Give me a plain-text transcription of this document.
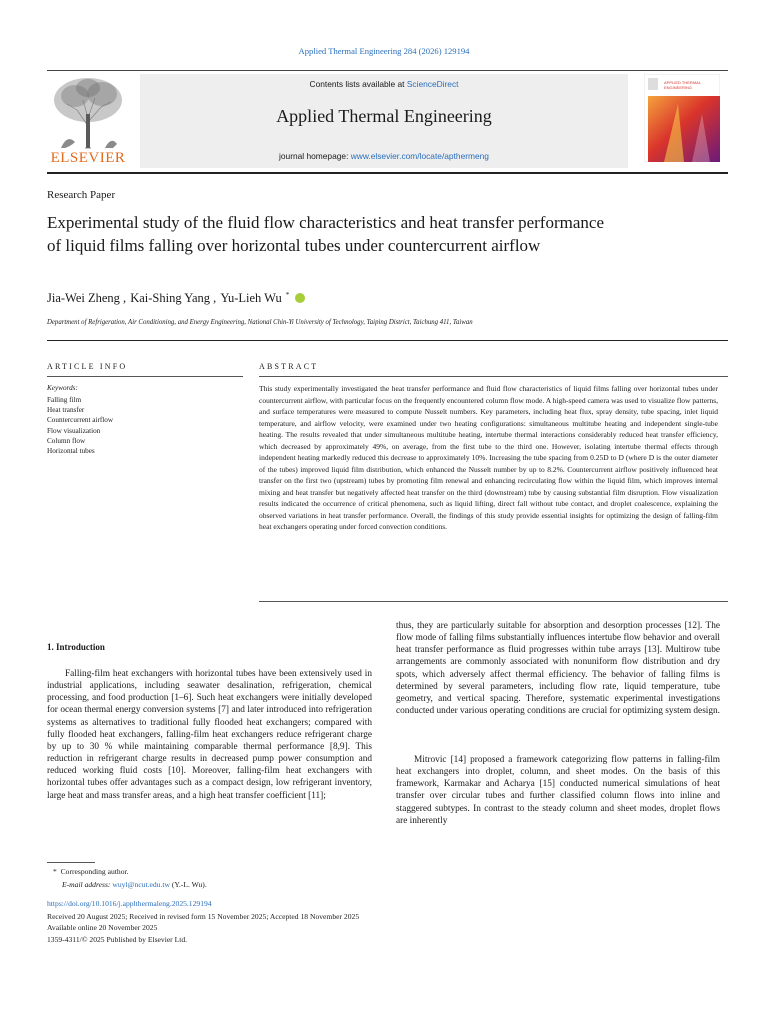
Applied Thermal Engineering 284 (2026) 129194
ELSEVIER
Contents lists available at ScienceDirect
Applied Thermal Engineering
journal homepage: www.elsevier.com/locate/apthermeng
APPLIED THERMAL ENGINEERING
Research Paper
Experimental study of the fluid flow characteristics and heat transfer performance of liquid films falling over horizontal tubes under countercurrent airflow
Jia-Wei Zheng , Kai-Shing Yang , Yu-Lieh Wu *
Department of Refrigeration, Air Conditioning, and Energy Engineering, National Chin-Yi University of Technology, Taiping District, Taichung 411, Taiwan
ARTICLE INFO	ABSTRACT
Keywords:
Falling film
Heat transfer
Countercurrent airflow
Flow visualization
Column flow
Horizontal tubes

This study experimentally investigated the heat transfer performance and fluid flow characteristics of liquid films falling over horizontal tubes under countercurrent airflow, with particular focus on the frequently encountered column flow mode. A high-speed camera was used to visualize flow patterns, and surface temperatures were measured to compute Nusselt numbers. Key parameters, including heat flux, spray density, tube spacing, inlet liquid temperature, and airflow velocity, were examined under two heating configurations: simultaneous multitube heating and independent single-tube heating. The results revealed that under simultaneous multitube heating, intertube thermal interactions considerably reduced heat transfer efficiency, which decreased by approximately 49%, on average, from the first tube to the third one. However, isolating intertube thermal effects through independent heating markedly reduced this decrease to approximately 10%. Increasing the tube spacing from 0.25D to D (where D is the outer diameter of the tubes) improved liquid film distribution, which enhanced the Nusselt number by up to 8.2%. Countercurrent airflow positively influenced heat transfer on the first two (upstream) tubes by promoting film renewal and enhancing recirculating flow within the liquid film, which improves internal mixing and heat transfer but negatively affected heat transfer on the third (downstream) tube by causing substantial film disruption. Flow visualization results indicated the occurrence of critical phenomena, such as liquid lifting, direct fall without tube contact, and droplet coalescence, explaining the observed variations in heat transfer performance. Overall, the findings of this study provide essential insights for optimizing the design of falling-film heat exchangers operating under forced convection conditions.

1. Introduction

Falling-film heat exchangers with horizontal tubes have been extensively used in industrial applications, including seawater desalination, refrigeration, chemical processing, and food production [1–6]. Such heat exchangers were initially developed for ocean thermal energy conversion systems [7] and later introduced into refrigeration systems as alternatives to traditional fully flooded heat exchangers; compared with fully flooded heat exchangers, falling-film heat exchangers reduce refrigerant charge by up to 30 % while maintaining comparable thermal performance [8,9]. This reduction in refrigerant charge results in decreased pump power consumption and reduced working fluid costs [10]. Moreover, falling-film heat exchangers with horizontal tubes offer advantages such as a compact design, low refrigerant inventory, large heat and mass transfer areas, and a high heat transfer coefficient [11];

thus, they are particularly suitable for absorption and desorption processes [12]. The flow mode of falling films substantially influences intertube flow behavior and overall heat transfer performance as fluid progresses within tube arrays [13]. Multirow tube arrangements are commonly associated with nonuniform flow distribution and dry spots, which adversely affect thermal efficiency. The behavior of falling films is determined by several parameters, including flow rate, liquid temperature, tube geometry, and vertical spacing. Therefore, systematic experimental investigations conducted under various operating conditions are crucial for optimizing system design.

Mitrovic [14] proposed a framework categorizing flow patterns in falling-film heat exchangers into droplet, column, and sheet modes. On the basis of this framework, Karmakar and Acharya [15] conducted numerical simulations of heat transfer over circular tubes and further classified column flows into inline and staggered subtypes. In contrast to the steady column and sheet modes, droplet flows are inherently

* Corresponding author.
E-mail address: wuyl@ncut.edu.tw (Y.-L. Wu).
https://doi.org/10.1016/j.applthermaleng.2025.129194
Received 20 August 2025; Received in revised form 15 November 2025; Accepted 18 November 2025
Available online 20 November 2025
1359-4311/© 2025 Published by Elsevier Ltd.
